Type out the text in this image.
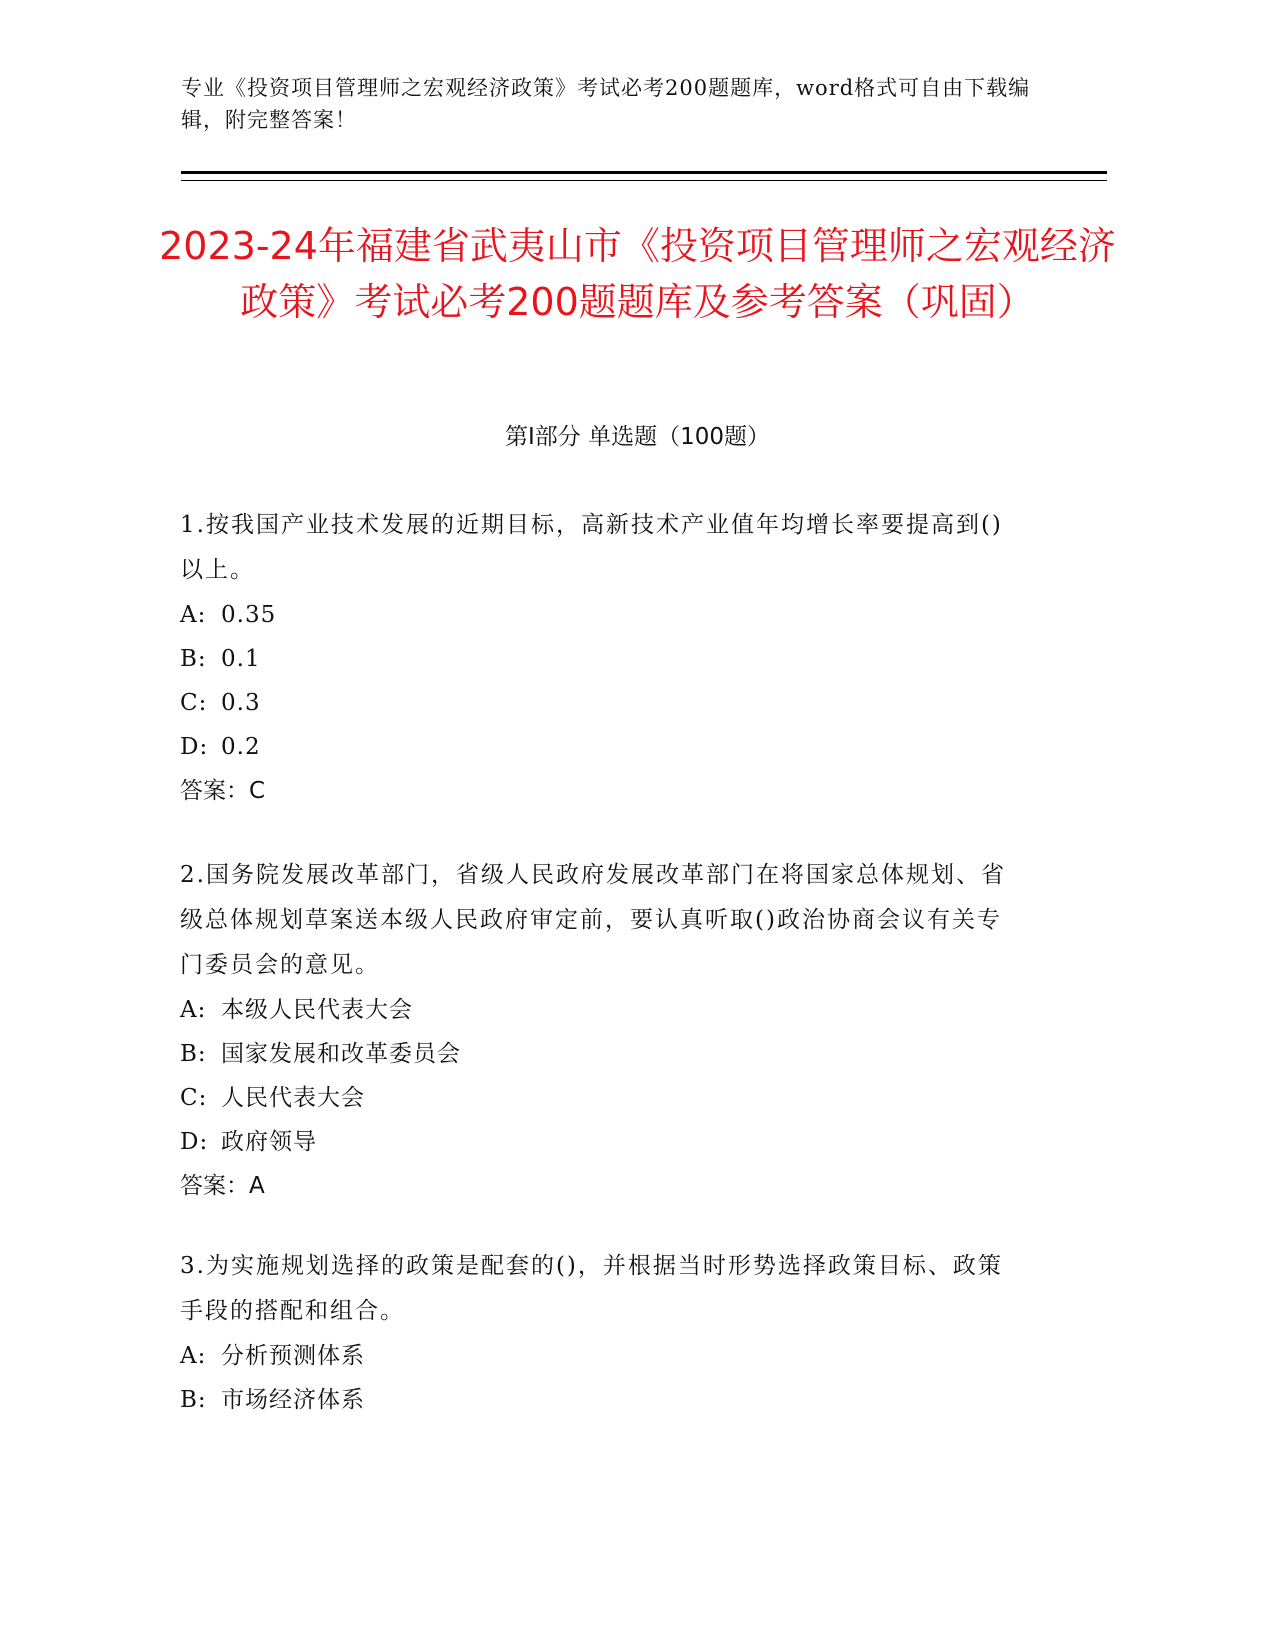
专业《投资项目管理师之宏观经济政策》考试必考200题题库，word格式可自由下载编辑，附完整答案！
2023-24年福建省武夷山市《投资项目管理师之宏观经济政策》考试必考200题题库及参考答案（巩固）
第Ⅰ部分 单选题（100题）

1.按我国产业技术发展的近期目标，高新技术产业值年均增长率要提高到()以上。

A: 0.35

B: 0.1

C: 0.3

D: 0.2

答案：C

2.国务院发展改革部门，省级人民政府发展改革部门在将国家总体规划、省级总体规划草案送本级人民政府审定前，要认真听取()政治协商会议有关专门委员会的意见。

A: 本级人民代表大会

B: 国家发展和改革委员会

C: 人民代表大会

D: 政府领导

答案：A

3.为实施规划选择的政策是配套的()，并根据当时形势选择政策目标、政策手段的搭配和组合。

A: 分析预测体系

B: 市场经济体系
